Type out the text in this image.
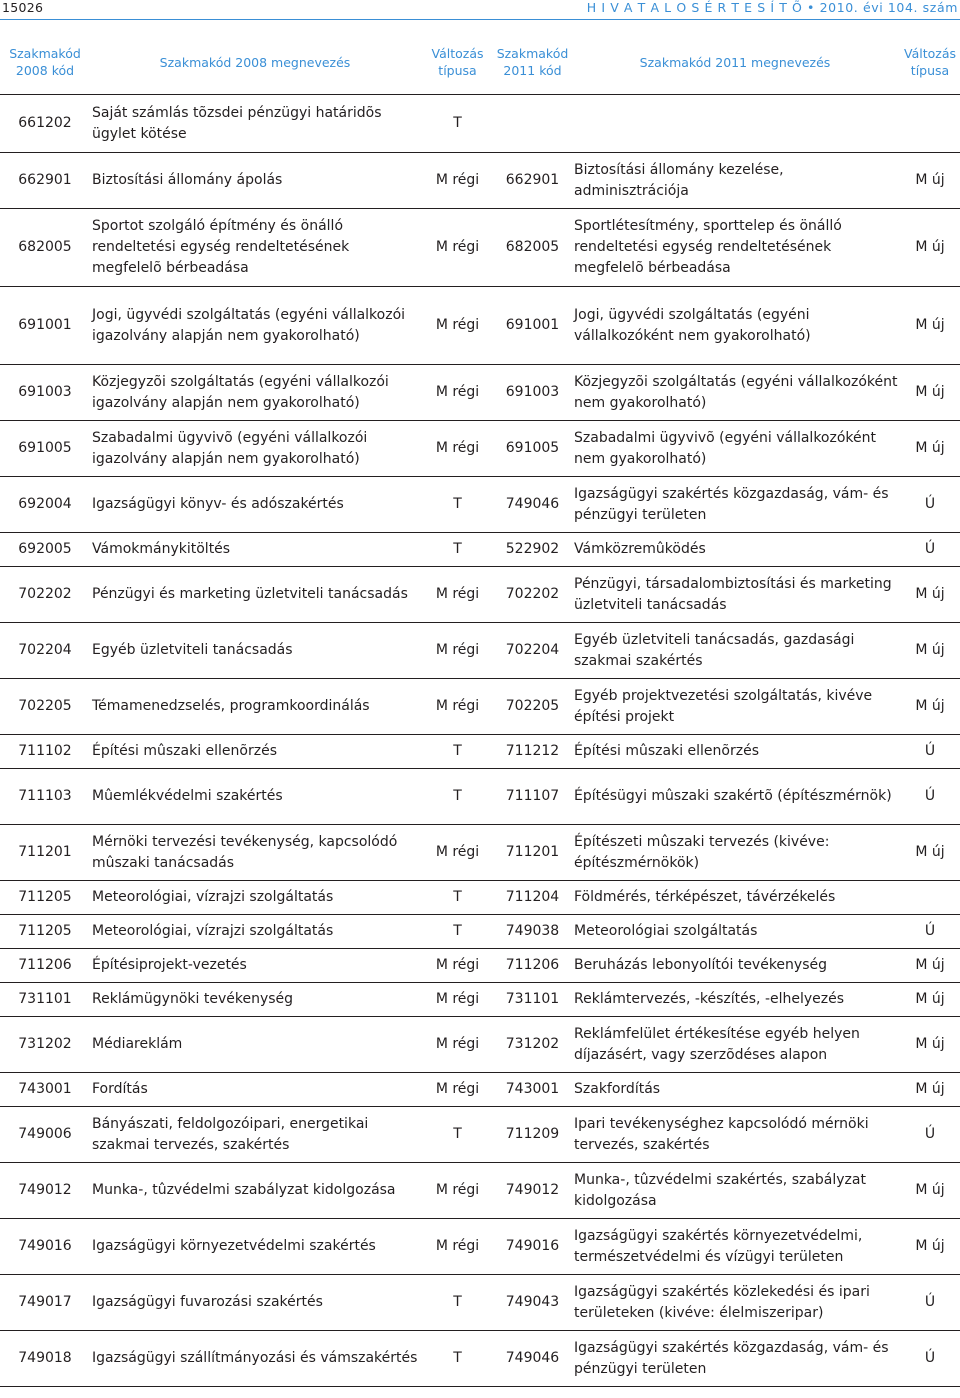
15026	H I V A T A L O S É R T E S Í T Õ • 2010. évi 104. szám
Szakmakód 2008 kód	Szakmakód 2008 megnevezés	Változás típusa	Szakmakód 2011 kód	Szakmakód 2011 megnevezés	Változás típusa
661202	Saját számlás tõzsdei pénzügyi határidõs ügylet kötése	T			
662901	Biztosítási állomány ápolás	M régi	662901	Biztosítási állomány kezelése, adminisztrációja	M új
682005	Sportot szolgáló építmény és önálló rendeltetési egység rendeltetésének megfelelõ bérbeadása	M régi	682005	Sportlétesítmény, sporttelep és önálló rendeltetési egység rendeltetésének megfelelõ bérbeadása	M új
691001	Jogi, ügyvédi szolgáltatás (egyéni vállalkozói igazolvány alapján nem gyakorolható)	M régi	691001	Jogi, ügyvédi szolgáltatás (egyéni vállalkozóként nem gyakorolható)	M új
691003	Közjegyzõi szolgáltatás (egyéni vállalkozói igazolvány alapján nem gyakorolható)	M régi	691003	Közjegyzõi szolgáltatás (egyéni vállalkozóként nem gyakorolható)	M új
691005	Szabadalmi ügyvivõ (egyéni vállalkozói igazolvány alapján nem gyakorolható)	M régi	691005	Szabadalmi ügyvivõ (egyéni vállalkozóként nem gyakorolható)	M új
692004	Igazságügyi könyv- és adószakértés	T	749046	Igazságügyi szakértés közgazdaság, vám- és pénzügyi területen	Ú
692005	Vámokmánykitöltés	T	522902	Vámközremûködés	Ú
702202	Pénzügyi és marketing üzletviteli tanácsadás	M régi	702202	Pénzügyi, társadalombiztosítási és marketing üzletviteli tanácsadás	M új
702204	Egyéb üzletviteli tanácsadás	M régi	702204	Egyéb üzletviteli tanácsadás, gazdasági szakmai szakértés	M új
702205	Témamenedzselés, programkoordinálás	M régi	702205	Egyéb projektvezetési szolgáltatás, kivéve építési projekt	M új
711102	Építési mûszaki ellenõrzés	T	711212	Építési mûszaki ellenõrzés	Ú
711103	Mûemlékvédelmi szakértés	T	711107	Építésügyi mûszaki szakértõ (építészmérnök)	Ú
711201	Mérnöki tervezési tevékenység, kapcsolódó mûszaki tanácsadás	M régi	711201	Építészeti mûszaki tervezés (kivéve: építészmérnökök)	M új
711205	Meteorológiai, vízrajzi szolgáltatás	T	711204	Földmérés, térképészet, távérzékelés	
711205	Meteorológiai, vízrajzi szolgáltatás	T	749038	Meteorológiai szolgáltatás	Ú
711206	Építésiprojekt-vezetés	M régi	711206	Beruházás lebonyolítói tevékenység	M új
731101	Reklámügynöki tevékenység	M régi	731101	Reklámtervezés, -készítés, -elhelyezés	M új
731202	Médiareklám	M régi	731202	Reklámfelület értékesítése egyéb helyen díjazásért, vagy szerzõdéses alapon	M új
743001	Fordítás	M régi	743001	Szakfordítás	M új
749006	Bányászati, feldolgozóipari, energetikai szakmai tervezés, szakértés	T	711209	Ipari tevékenységhez kapcsolódó mérnöki tervezés, szakértés	Ú
749012	Munka-, tûzvédelmi szabályzat kidolgozása	M régi	749012	Munka-, tûzvédelmi szakértés, szabályzat kidolgozása	M új
749016	Igazságügyi környezetvédelmi szakértés	M régi	749016	Igazságügyi szakértés környezetvédelmi, természetvédelmi és vízügyi területen	M új
749017	Igazságügyi fuvarozási szakértés	T	749043	Igazságügyi szakértés közlekedési és ipari területeken (kivéve: élelmiszeripar)	Ú
749018	Igazságügyi szállítmányozási és vámszakértés	T	749046	Igazságügyi szakértés közgazdaság, vám- és pénzügyi területen	Ú
